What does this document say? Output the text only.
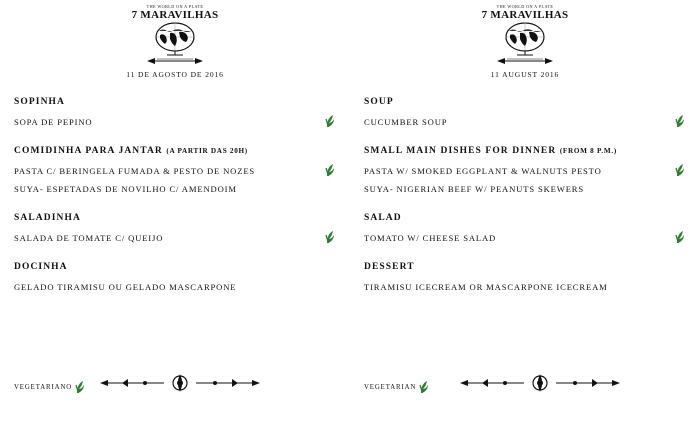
THE WORLD ON A PLATE
7 MARAVILHAS
11 DE AGOSTO DE 2016
SOPINHA
SOPA DE PEPINO
COMIDINHA PARA JANTAR (A PARTIR DAS 20H)
PASTA C/ BERINGELA FUMADA & PESTO DE NOZES
SUYA- ESPETADAS DE NOVILHO C/ AMENDOIM
SALADINHA
SALADA DE TOMATE C/ QUEIJO
DOCINHA
GELADO TIRAMISU OU GELADO MASCARPONE
VEGETARIANO
THE WORLD ON A PLATE
7 MARAVILHAS
11 AUGUST 2016
SOUP
CUCUMBER SOUP
SMALL MAIN DISHES FOR DINNER (FROM 8 P.M.)
PASTA W/ SMOKED EGGPLANT & WALNUTS PESTO
SUYA- NIGERIAN BEEF W/ PEANUTS SKEWERS
SALAD
TOMATO W/ CHEESE SALAD
DESSERT
TIRAMISU ICECREAM OR MASCARPONE ICECREAM
VEGETARIAN
